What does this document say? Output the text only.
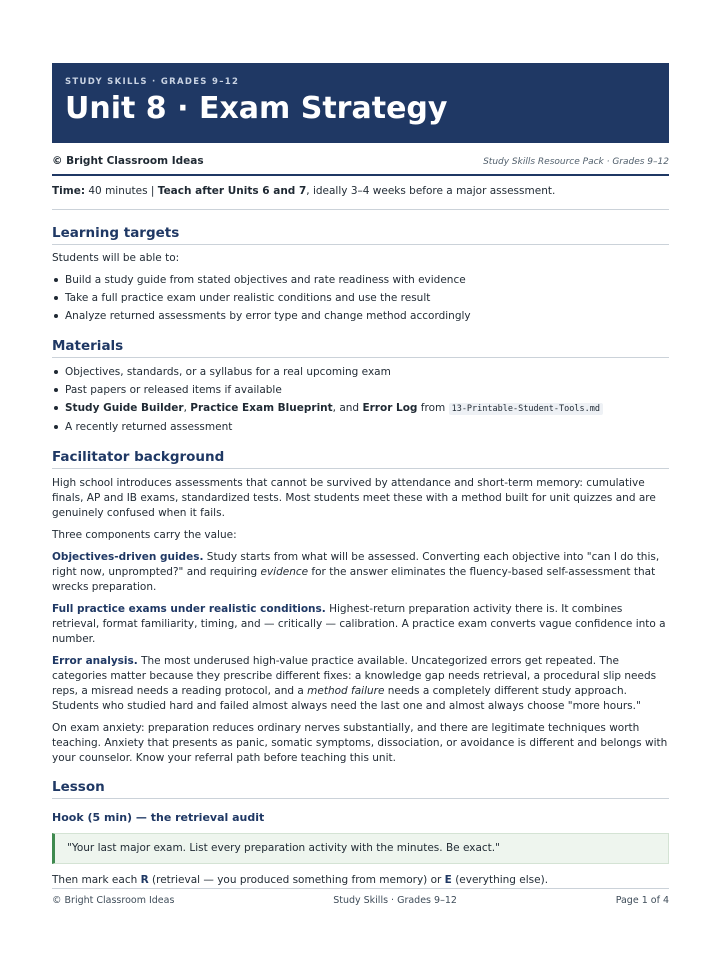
STUDY SKILLS · GRADES 9–12
Unit 8 · Exam Strategy
© Bright Classroom Ideas	Study Skills Resource Pack · Grades 9–12
Time: 40 minutes | Teach after Units 6 and 7, ideally 3–4 weeks before a major assessment.
Learning targets

Students will be able to:

Build a study guide from stated objectives and rate readiness with evidence
Take a full practice exam under realistic conditions and use the result
Analyze returned assessments by error type and change method accordingly
Materials
Objectives, standards, or a syllabus for a real upcoming exam
Past papers or released items if available
Study Guide Builder, Practice Exam Blueprint, and Error Log from 13-Printable-Student-Tools.md
A recently returned assessment
Facilitator background

High school introduces assessments that cannot be survived by attendance and short-term memory: cumulative finals, AP and IB exams, standardized tests. Most students meet these with a method built for unit quizzes and are genuinely confused when it fails.

Three components carry the value:

Objectives-driven guides. Study starts from what will be assessed. Converting each objective into "can I do this, right now, unprompted?" and requiring evidence for the answer eliminates the fluency-based self-assessment that wrecks preparation.

Full practice exams under realistic conditions. Highest-return preparation activity there is. It combines retrieval, format familiarity, timing, and — critically — calibration. A practice exam converts vague confidence into a number.

Error analysis. The most underused high-value practice available. Uncategorized errors get repeated. The categories matter because they prescribe different fixes: a knowledge gap needs retrieval, a procedural slip needs reps, a misread needs a reading protocol, and a method failure needs a completely different study approach. Students who studied hard and failed almost always need the last one and almost always choose "more hours."

On exam anxiety: preparation reduces ordinary nerves substantially, and there are legitimate techniques worth teaching. Anxiety that presents as panic, somatic symptoms, dissociation, or avoidance is different and belongs with your counselor. Know your referral path before teaching this unit.

Lesson
Hook (5 min) — the retrieval audit
"Your last major exam. List every preparation activity with the minutes. Be exact."

Then mark each R (retrieval — you produced something from memory) or E (everything else).

© Bright Classroom Ideas	Study Skills · Grades 9–12	Page 1 of 4
